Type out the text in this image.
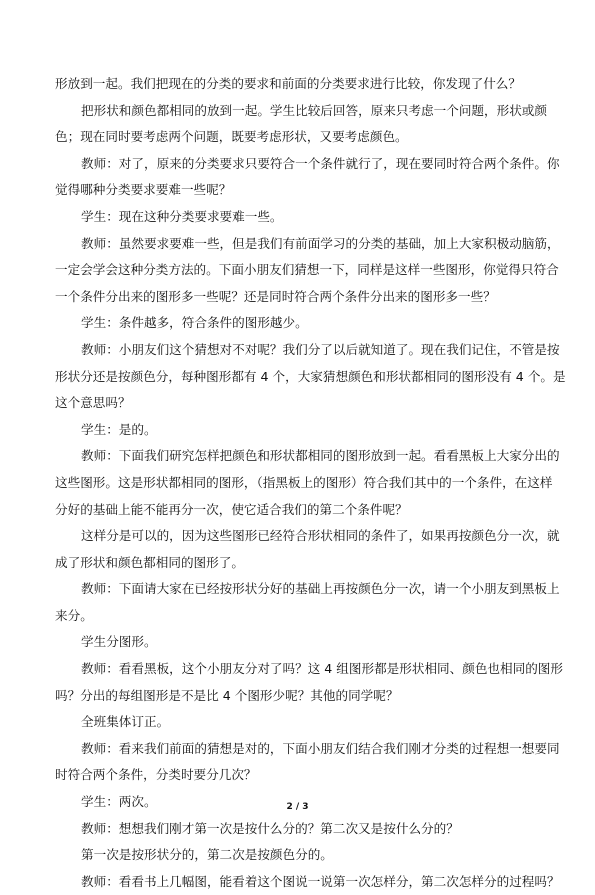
形放到一起。我们把现在的分类的要求和前面的分类要求进行比较，你发现了什么？
把形状和颜色都相同的放到一起。学生比较后回答，原来只考虑一个问题，形状或颜
色；现在同时要考虑两个问题，既要考虑形状，又要考虑颜色。
教师：对了，原来的分类要求只要符合一个条件就行了，现在要同时符合两个条件。你
觉得哪种分类要求要难一些呢？
学生：现在这种分类要求要难一些。
教师：虽然要求要难一些，但是我们有前面学习的分类的基础，加上大家积极动脑筋，
一定会学会这种分类方法的。下面小朋友们猜想一下，同样是这样一些图形，你觉得只符合
一个条件分出来的图形多一些呢？还是同时符合两个条件分出来的图形多一些？
学生：条件越多，符合条件的图形越少。
教师：小朋友们这个猜想对不对呢？我们分了以后就知道了。现在我们记住，不管是按
形状分还是按颜色分，每种图形都有 4 个，大家猜想颜色和形状都相同的图形没有 4 个。是
这个意思吗？
学生：是的。
教师：下面我们研究怎样把颜色和形状都相同的图形放到一起。看看黑板上大家分出的
这些图形。这是形状都相同的图形，（指黑板上的图形）符合我们其中的一个条件，在这样
分好的基础上能不能再分一次，使它适合我们的第二个条件呢？
这样分是可以的，因为这些图形已经符合形状相同的条件了，如果再按颜色分一次，就
成了形状和颜色都相同的图形了。
教师：下面请大家在已经按形状分好的基础上再按颜色分一次，请一个小朋友到黑板上
来分。
学生分图形。
教师：看看黑板，这个小朋友分对了吗？这 4 组图形都是形状相同、颜色也相同的图形
吗？分出的每组图形是不是比 4 个图形少呢？其他的同学呢？
全班集体订正。
教师：看来我们前面的猜想是对的，下面小朋友们结合我们刚才分类的过程想一想要同
时符合两个条件，分类时要分几次？
学生：两次。
教师：想想我们刚才第一次是按什么分的？第二次又是按什么分的？
第一次是按形状分的，第二次是按颜色分的。
教师：看看书上几幅图，能看着这个图说一说第一次怎样分，第二次怎样分的过程吗？
2 / 3
